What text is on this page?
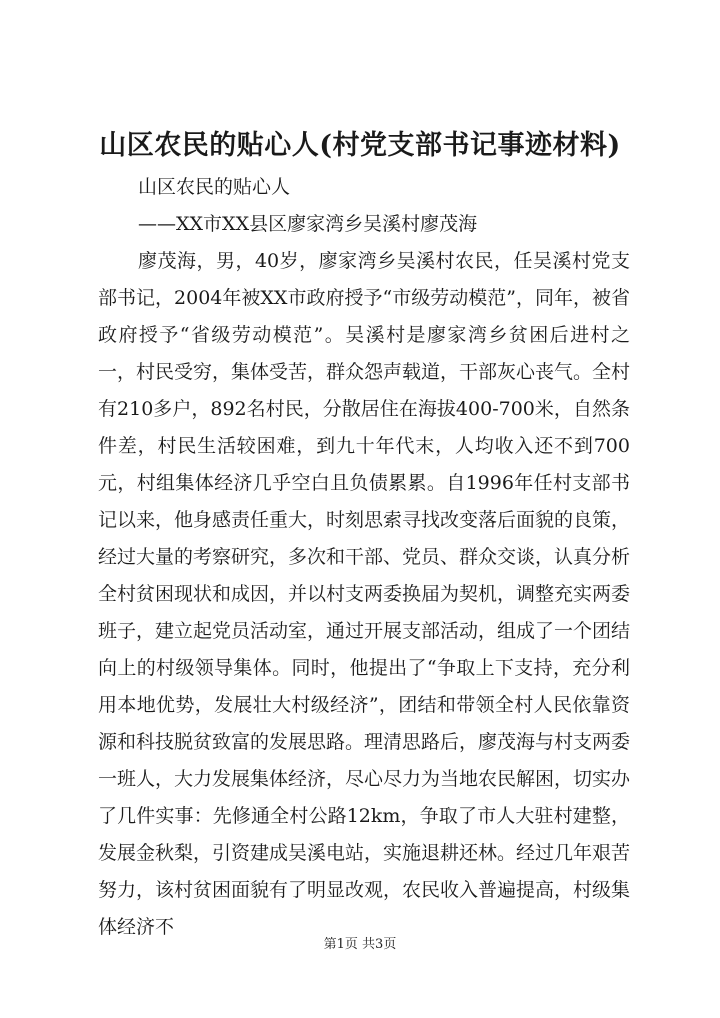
山区农民的贴心人(村党支部书记事迹材料)
山区农民的贴心人
——XX市XX县区廖家湾乡吴溪村廖茂海

廖茂海，男，40岁，廖家湾乡吴溪村农民，任吴溪村党支部书记，2004年被XX市政府授予“市级劳动模范”，同年，被省政府授予“省级劳动模范”。吴溪村是廖家湾乡贫困后进村之一，村民受穷，集体受苦，群众怨声载道，干部灰心丧气。全村有210多户，892名村民，分散居住在海拔400-700米，自然条件差，村民生活较困难，到九十年代末，人均收入还不到700元，村组集体经济几乎空白且负债累累。自1996年任村支部书记以来，他身感责任重大，时刻思索寻找改变落后面貌的良策，经过大量的考察研究，多次和干部、党员、群众交谈，认真分析全村贫困现状和成因，并以村支两委换届为契机，调整充实两委班子，建立起党员活动室，通过开展支部活动，组成了一个团结向上的村级领导集体。同时，他提出了“争取上下支持，充分利用本地优势，发展壮大村级经济”，团结和带领全村人民依靠资源和科技脱贫致富的发展思路。理清思路后，廖茂海与村支两委一班人，大力发展集体经济，尽心尽力为当地农民解困，切实办了几件实事：先修通全村公路12km，争取了市人大驻村建整，发展金秋梨，引资建成吴溪电站，实施退耕还林。经过几年艰苦努力，该村贫困面貌有了明显改观，农民收入普遍提高，村级集体经济不

第1页 共3页
